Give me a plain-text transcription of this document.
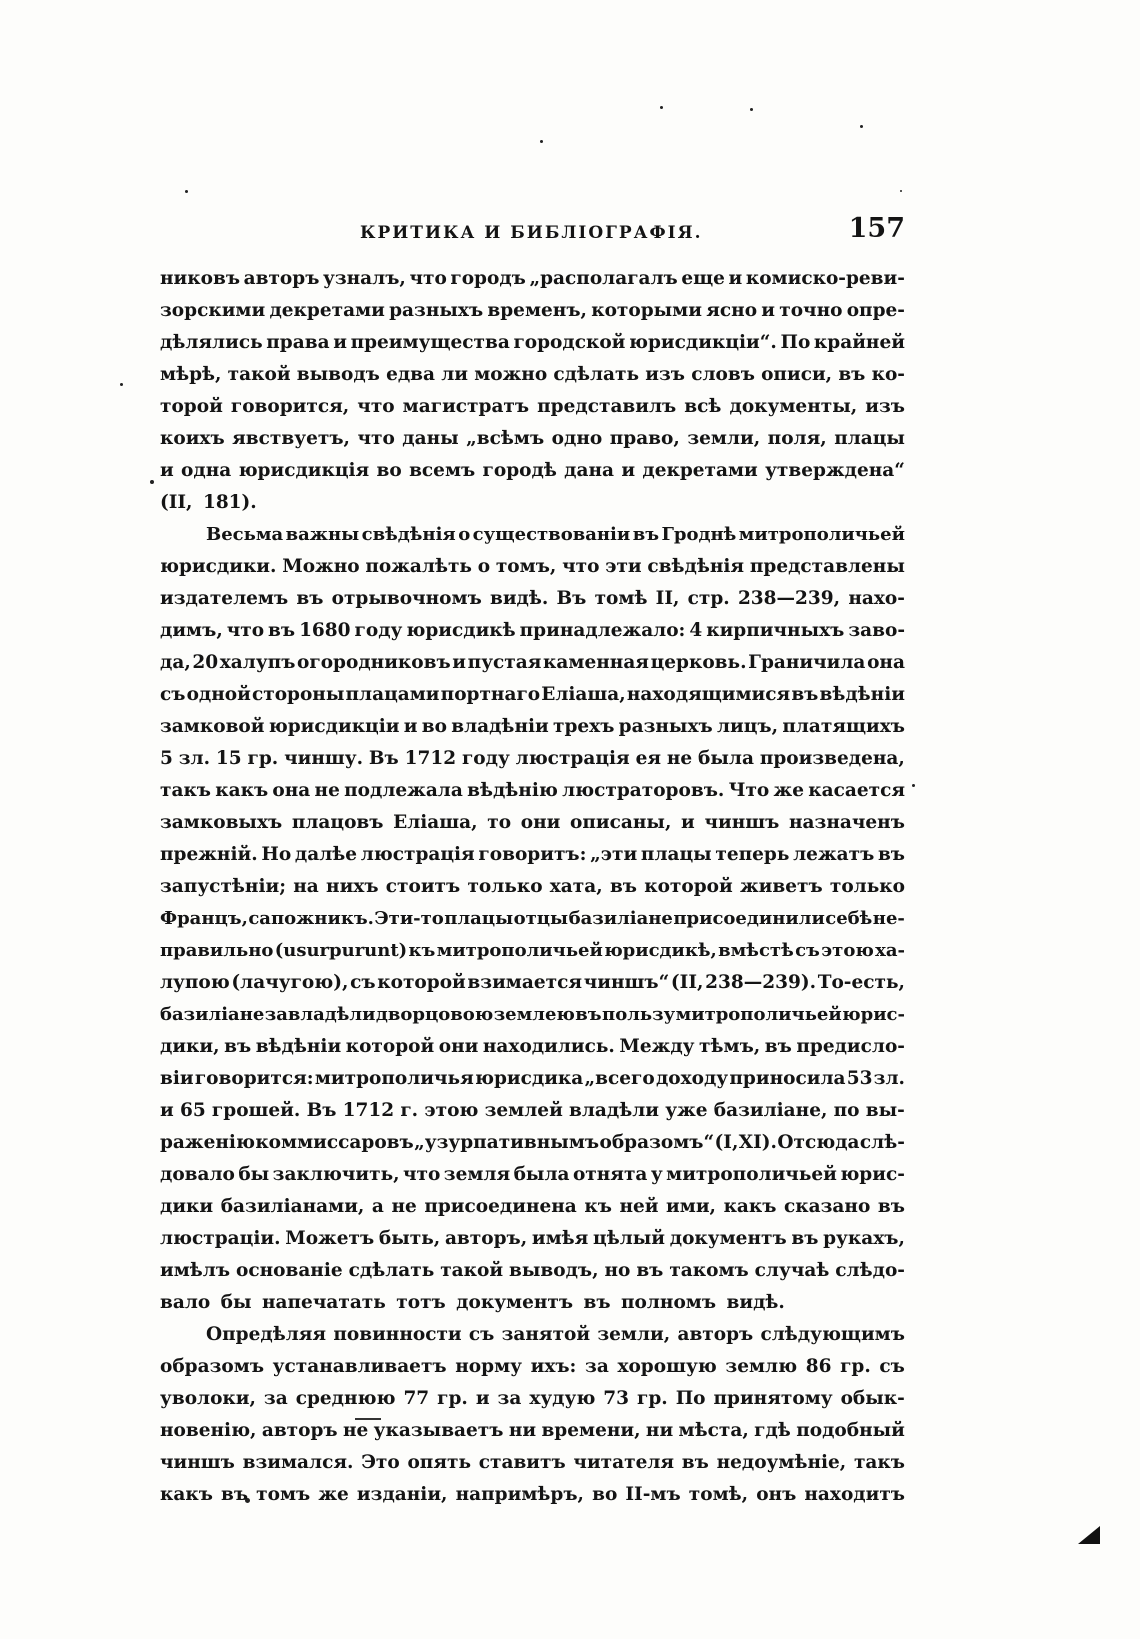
КРИТИКА И БИБЛІОГРАФІЯ.	157
никовъ авторъ узналъ, что городъ „располагалъ еще и комиско-реви-
зорскими декретами разныхъ временъ, которыми ясно и точно опре-
дѣлялись права и преимущества городской юрисдикціи“. По крайней
мѣрѣ, такой выводъ едва ли можно сдѣлать изъ словъ описи, въ ко-
торой говорится, что магистратъ представилъ всѣ документы, изъ
коихъ явствуетъ, что даны „всѣмъ одно право, земли, поля, плацы
и одна юрисдикція во всемъ городѣ дана и декретами утверждена“
(II, 181).
Весьма важны свѣдѣнія о существованіи въ Гроднѣ митрополичьей
юрисдики. Можно пожалѣть о томъ, что эти свѣдѣнія представлены
издателемъ въ отрывочномъ видѣ. Въ томѣ II, стр. 238—239, нахо-
димъ, что въ 1680 году юрисдикѣ принадлежало: 4 кирпичныхъ заво-
да, 20 халупъ огородниковъ и пустая каменная церковь. Граничила она
съ одной стороны плацами портнаго Еліаша, находящимися въ вѣдѣніи
замковой юрисдикціи и во владѣніи трехъ разныхъ лицъ, платящихъ
5 зл. 15 гр. чиншу. Въ 1712 году люстрація ея не была произведена,
такъ какъ она не подлежала вѣдѣнію люстраторовъ. Что же касается
замковыхъ плацовъ Еліаша, то они описаны, и чиншъ назначенъ
прежній. Но далѣе люстрація говоритъ: „эти плацы теперь лежатъ въ
запустѣніи; на нихъ стоитъ только хата, въ которой живетъ только
Францъ, сапожникъ. Эти-то плацы отцы базиліане присоединили себѣ не-
правильно (usurpurunt) къ митрополичьей юрисдикѣ, вмѣстѣ съ этою ха-
лупою (лачугою), съ которой взимается чиншъ“ (II, 238—239). То-есть,
базиліане завладѣли дворцовою землею въ пользу митрополичьей юрис-
дики, въ вѣдѣніи которой они находились. Между тѣмъ, въ предисло-
віи говорится: митрополичья юрисдика „всего доходу приносила 53 зл.
и 65 грошей. Въ 1712 г. этою землей владѣли уже базиліане, по вы-
раженію коммиссаровъ „узурпативнымъ образомъ“ (I, XI). Отсюда слѣ-
довало бы заключить, что земля была отнята у митрополичьей юрис-
дики базиліанами, а не присоединена къ ней ими, какъ сказано въ
люстраціи. Можетъ быть, авторъ, имѣя цѣлый документъ въ рукахъ,
имѣлъ основаніе сдѣлать такой выводъ, но въ такомъ случаѣ слѣдо-
вало бы напечатать тотъ документъ въ полномъ видѣ.
Опредѣляя повинности съ занятой земли, авторъ слѣдующимъ
образомъ устанавливаетъ норму ихъ: за хорошую землю 86 гр. съ
уволоки, за среднюю 77 гр. и за худую 73 гр. По принятому обык-
новенію, авторъ не указываетъ ни времени, ни мѣста, гдѣ подобный
чиншъ взимался. Это опять ставитъ читателя въ недоумѣніе, такъ
какъ въ томъ же изданіи, напримѣръ, во II-мъ томѣ, онъ находитъ
